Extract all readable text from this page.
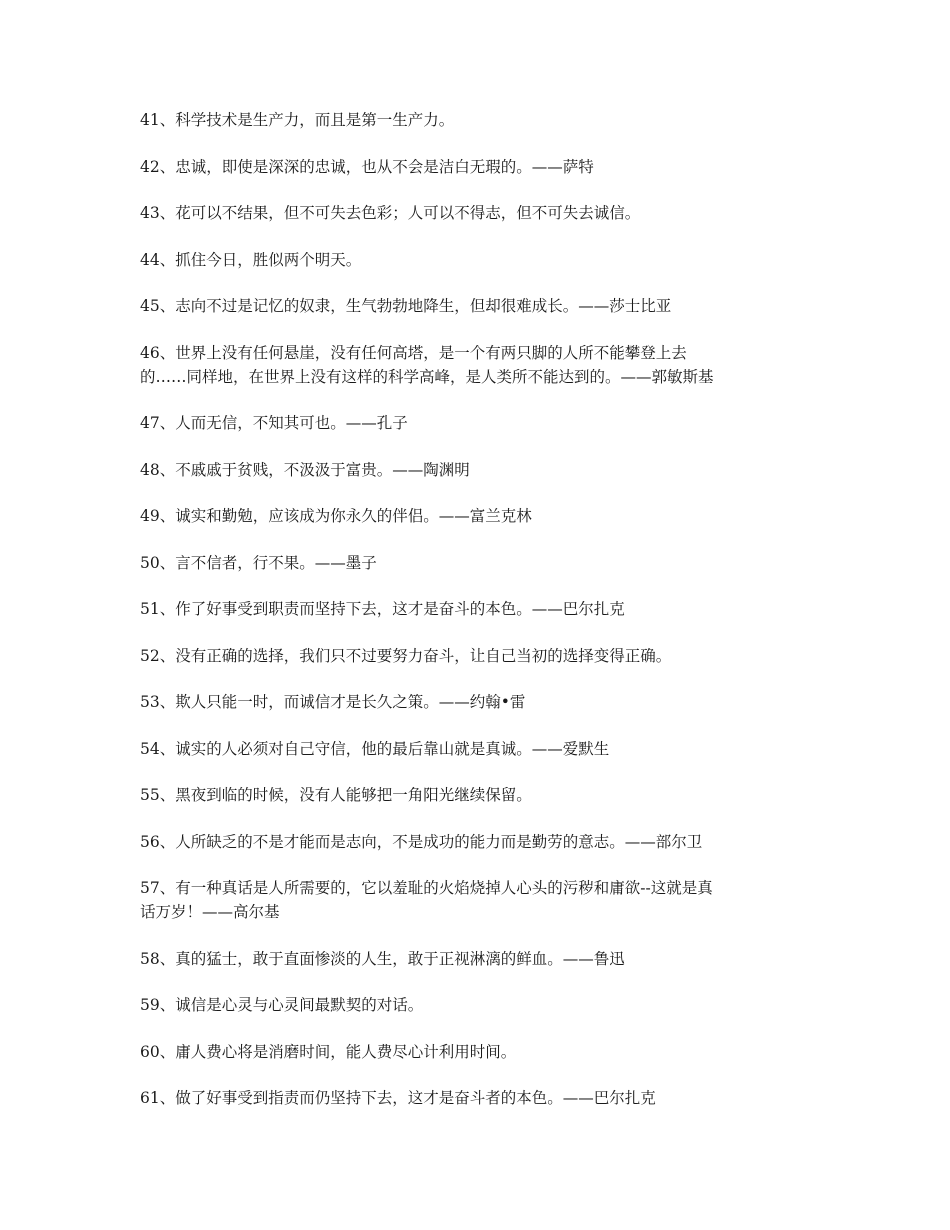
41、科学技术是生产力，而且是第一生产力。

42、忠诚，即使是深深的忠诚，也从不会是洁白无瑕的。——萨特

43、花可以不结果，但不可失去色彩；人可以不得志，但不可失去诚信。

44、抓住今日，胜似两个明天。

45、志向不过是记忆的奴隶，生气勃勃地降生，但却很难成长。——莎士比亚

46、世界上没有任何悬崖，没有任何高塔，是一个有两只脚的人所不能攀登上去
的……同样地，在世界上没有这样的科学高峰，是人类所不能达到的。——郭敏斯基

47、人而无信，不知其可也。——孔子

48、不戚戚于贫贱，不汲汲于富贵。——陶渊明

49、诚实和勤勉，应该成为你永久的伴侣。——富兰克林

50、言不信者，行不果。——墨子

51、作了好事受到职责而坚持下去，这才是奋斗的本色。——巴尔扎克

52、没有正确的选择，我们只不过要努力奋斗，让自己当初的选择变得正确。

53、欺人只能一时，而诚信才是长久之策。——约翰•雷

54、诚实的人必须对自己守信，他的最后靠山就是真诚。——爱默生

55、黑夜到临的时候，没有人能够把一角阳光继续保留。

56、人所缺乏的不是才能而是志向，不是成功的能力而是勤劳的意志。——部尔卫

57、有一种真话是人所需要的，它以羞耻的火焰烧掉人心头的污秽和庸欲--这就是真
话万岁！——高尔基

58、真的猛士，敢于直面惨淡的人生，敢于正视淋漓的鲜血。——鲁迅

59、诚信是心灵与心灵间最默契的对话。

60、庸人费心将是消磨时间，能人费尽心计利用时间。

61、做了好事受到指责而仍坚持下去，这才是奋斗者的本色。——巴尔扎克
